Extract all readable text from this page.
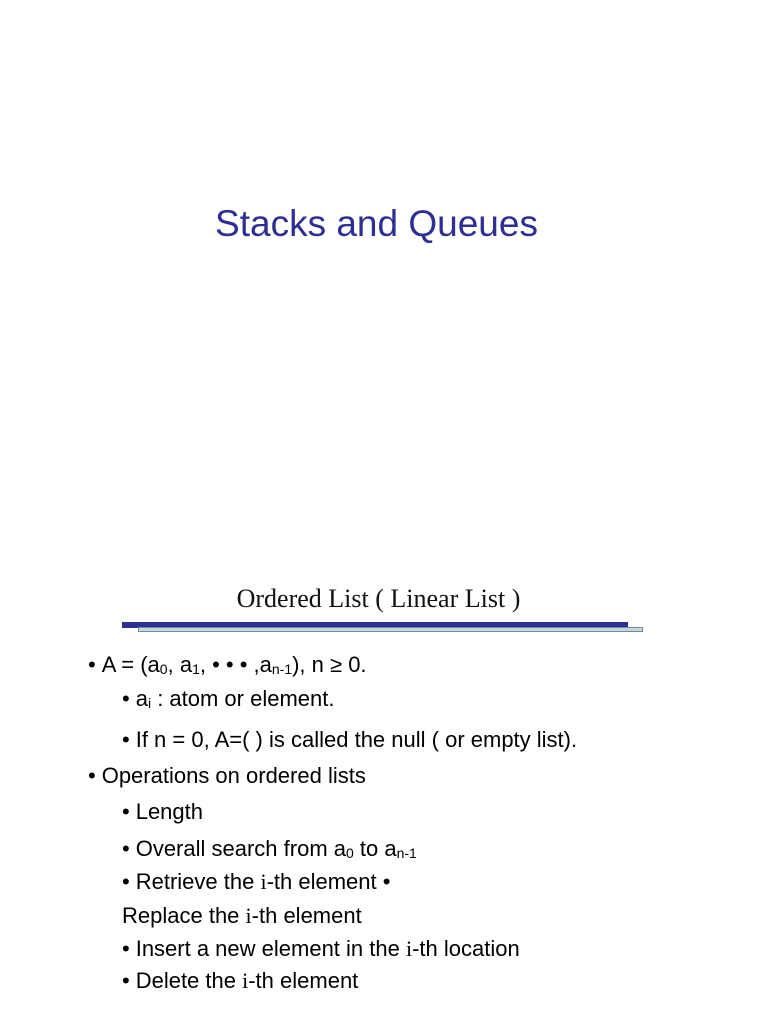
Stacks and Queues
Ordered List ( Linear List )
• $A = (a_0$, $a_1$, • • • $,a_{n-1}$), n ≥ 0.
• $a_i$ : atom or element.
• If n = 0, A=( ) is called the null ( or empty list).
• Operations on ordered lists
• Length
• Overall search from $a_0$ to $a_{n-1}$
• Retrieve the i-th element •
Replace the i-th element
• Insert a new element in the i-th location
• Delete the i-th element
